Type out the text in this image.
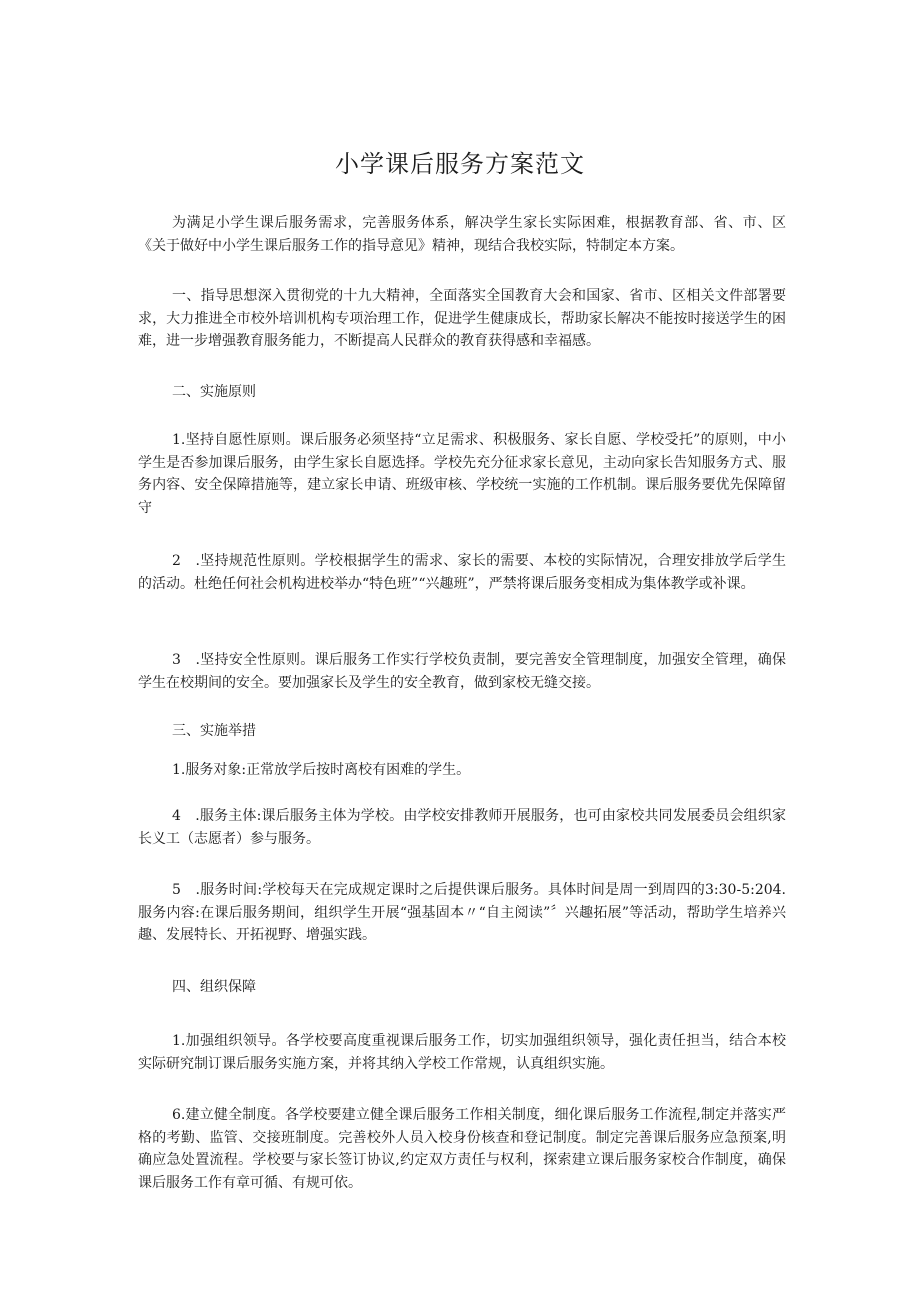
小学课后服务方案范文

为满足小学生课后服务需求，完善服务体系，解决学生家长实际困难，根据教育部、省、市、区《关于做好中小学生课后服务工作的指导意见》精神，现结合我校实际，特制定本方案。

一、指导思想深入贯彻党的十九大精神，全面落实全国教育大会和国家、省市、区相关文件部署要求，大力推进全市校外培训机构专项治理工作，促进学生健康成长，帮助家长解决不能按时接送学生的困难，进一步增强教育服务能力，不断提高人民群众的教育获得感和幸福感。

二、实施原则

1.坚持自愿性原则。课后服务必须坚持“立足需求、积极服务、家长自愿、学校受托”的原则，中小学生是否参加课后服务，由学生家长自愿选择。学校先充分征求家长意见，主动向家长告知服务方式、服务内容、安全保障措施等，建立家长申请、班级审核、学校统一实施的工作机制。课后服务要优先保障留守

2　.坚持规范性原则。学校根据学生的需求、家长的需要、本校的实际情况，合理安排放学后学生的活动。杜绝任何社会机构进校举办“特色班”“兴趣班”，严禁将课后服务变相成为集体教学或补课。

3　.坚持安全性原则。课后服务工作实行学校负责制，要完善安全管理制度，加强安全管理，确保学生在校期间的安全。要加强家长及学生的安全教育，做到家校无缝交接。

三、实施举措

1.服务对象:正常放学后按时离校有困难的学生。

4　.服务主体:课后服务主体为学校。由学校安排教师开展服务，也可由家校共同发展委员会组织家长义工（志愿者）参与服务。

5　.服务时间:学校每天在完成规定课时之后提供课后服务。具体时间是周一到周四的3:30-5:204.服务内容:在课后服务期间，组织学生开展“强基固本〃“自主阅读”〞兴趣拓展”等活动，帮助学生培养兴趣、发展特长、开拓视野、增强实践。

四、组织保障

1.加强组织领导。各学校要高度重视课后服务工作，切实加强组织领导，强化责任担当，结合本校实际研究制订课后服务实施方案，并将其纳入学校工作常规，认真组织实施。

6.建立健全制度。各学校要建立健全课后服务工作相关制度，细化课后服务工作流程,制定并落实严格的考勤、监管、交接班制度。完善校外人员入校身份核查和登记制度。制定完善课后服务应急预案,明确应急处置流程。学校要与家长签订协议,约定双方责任与权利，探索建立课后服务家校合作制度，确保课后服务工作有章可循、有规可依。
